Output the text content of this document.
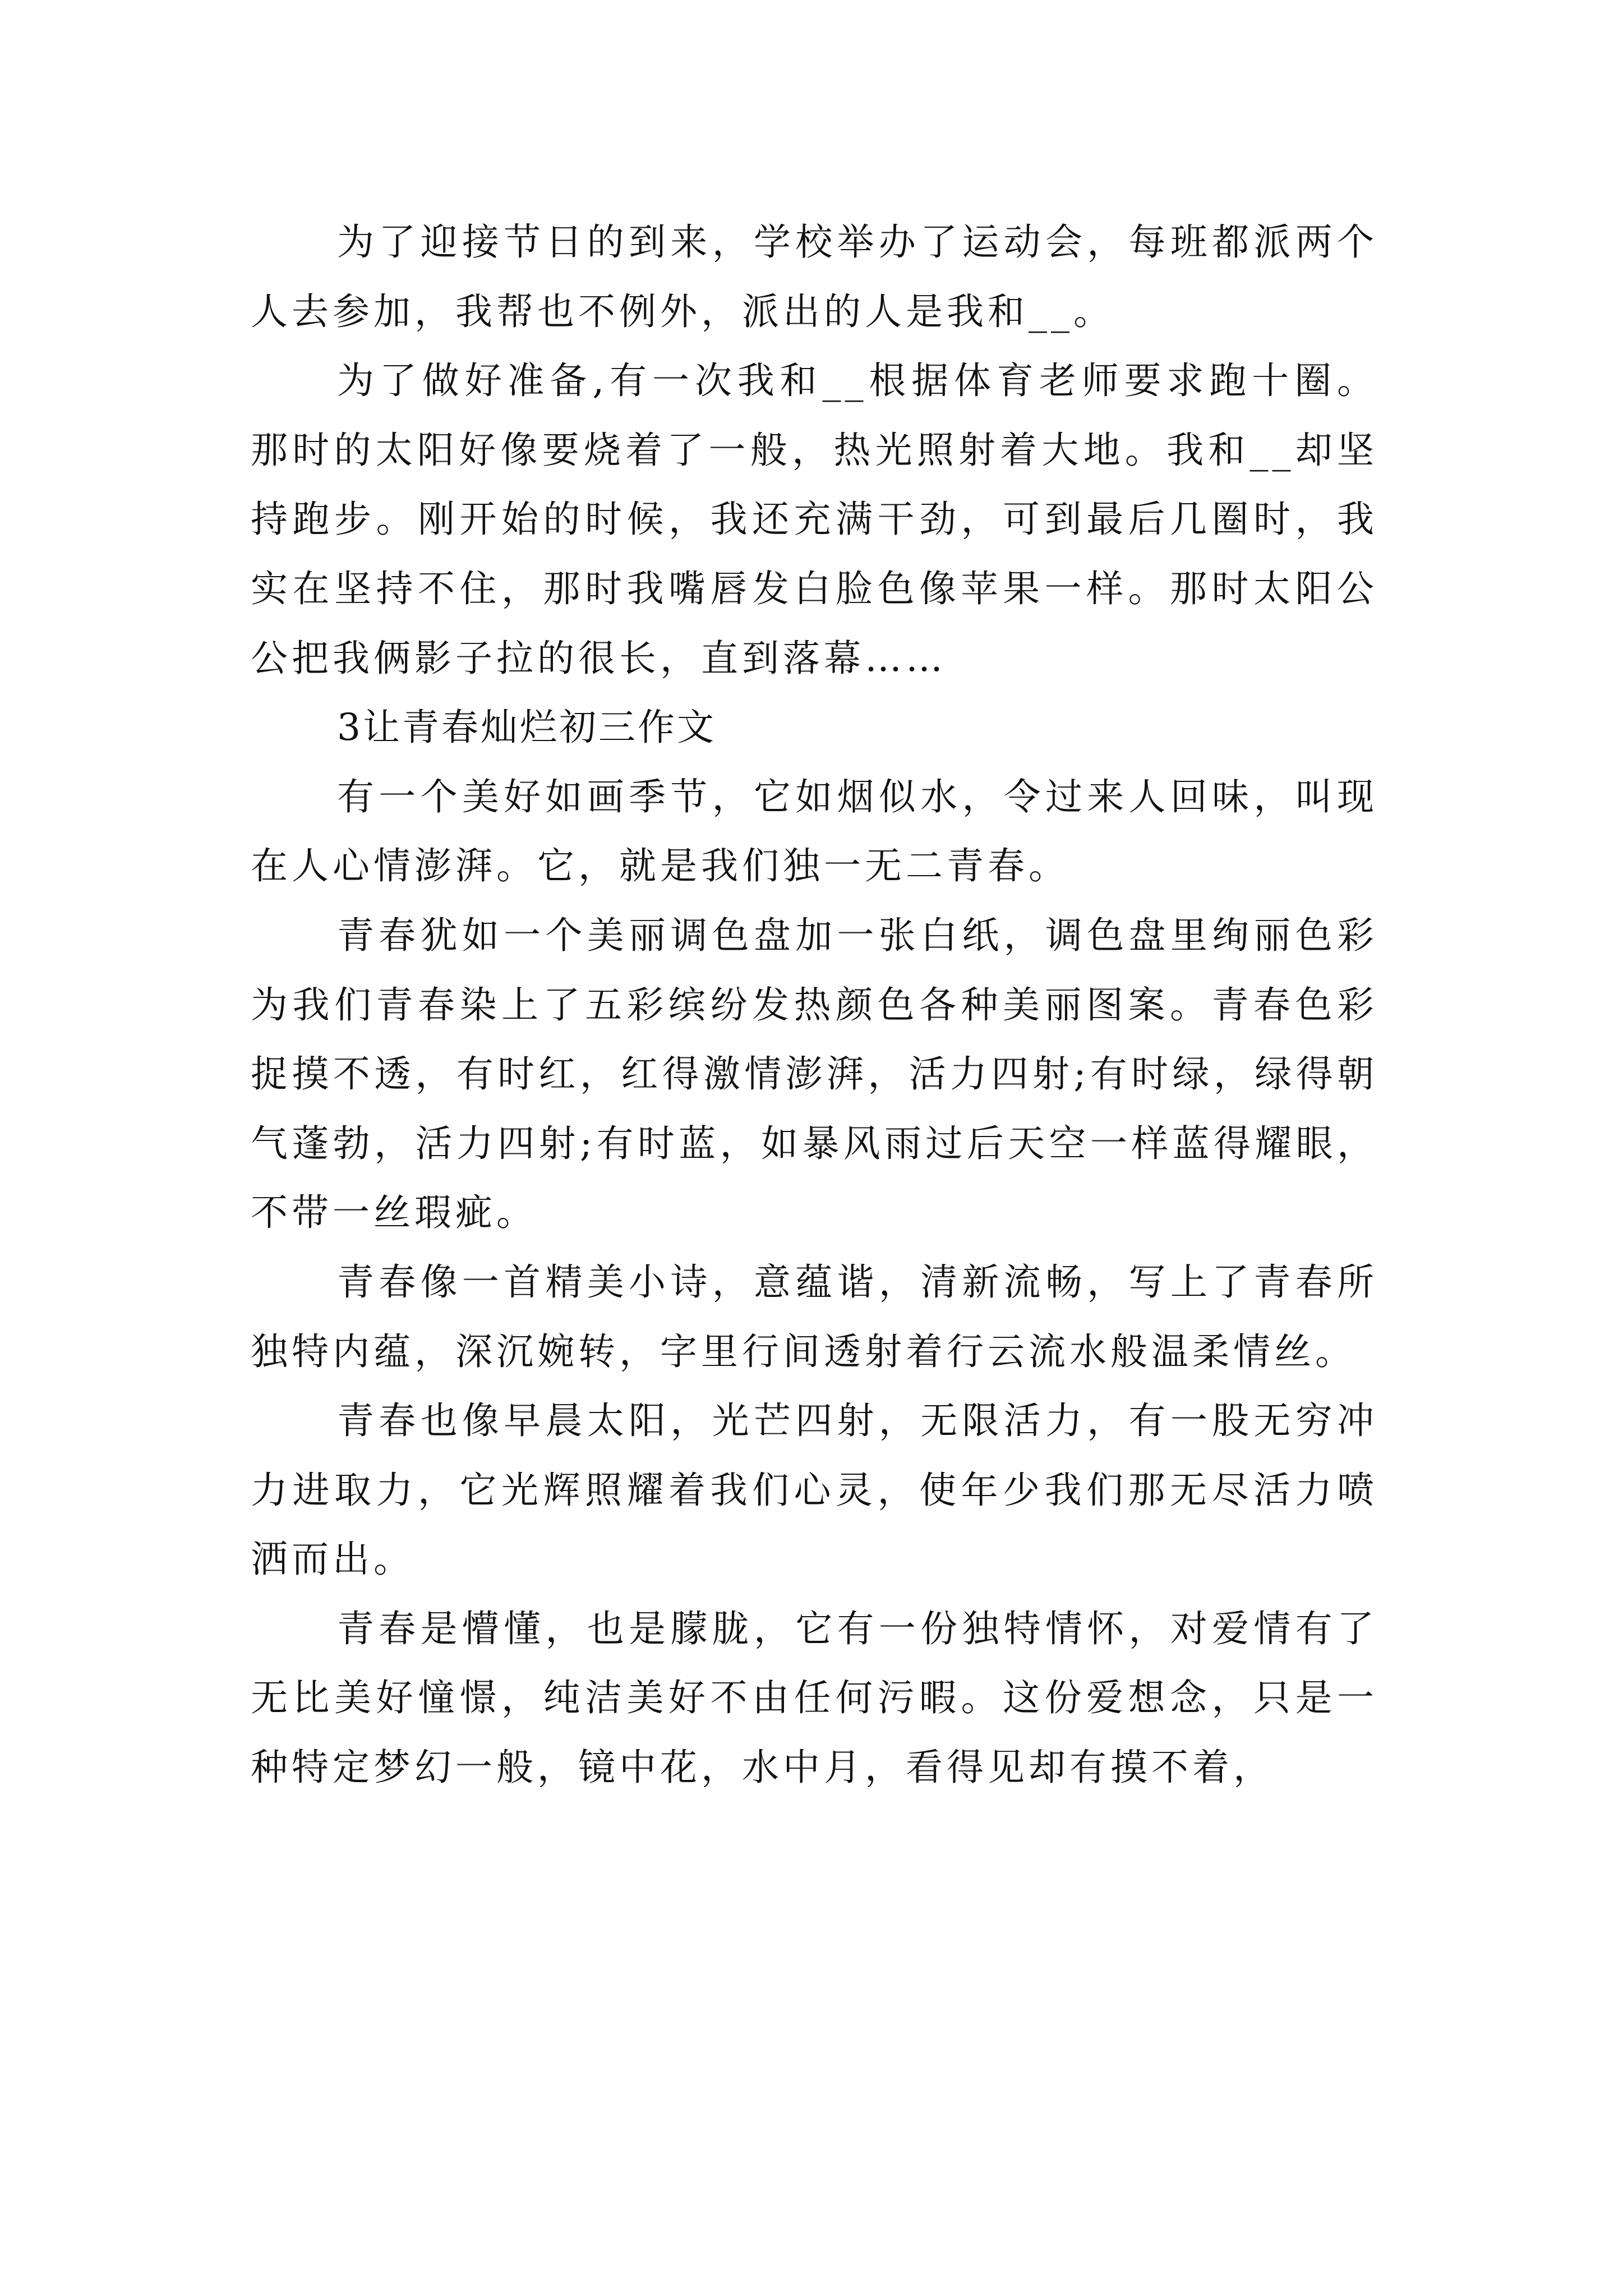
为了迎接节日的到来，学校举办了运动会，每班都派两个人去参加，我帮也不例外，派出的人是我和__。

为了做好准备,有一次我和__根据体育老师要求跑十圈。那时的太阳好像要烧着了一般，热光照射着大地。我和__却坚持跑步。刚开始的时候，我还充满干劲，可到最后几圈时，我实在坚持不住，那时我嘴唇发白脸色像苹果一样。那时太阳公公把我俩影子拉的很长，直到落幕……

3让青春灿烂初三作文

有一个美好如画季节，它如烟似水，令过来人回味，叫现在人心情澎湃。它，就是我们独一无二青春。

青春犹如一个美丽调色盘加一张白纸，调色盘里绚丽色彩为我们青春染上了五彩缤纷发热颜色各种美丽图案。青春色彩捉摸不透，有时红，红得激情澎湃，活力四射;有时绿，绿得朝气蓬勃，活力四射;有时蓝，如暴风雨过后天空一样蓝得耀眼，不带一丝瑕疵。

青春像一首精美小诗，意蕴谐，清新流畅，写上了青春所独特内蕴，深沉婉转，字里行间透射着行云流水般温柔情丝。

青春也像早晨太阳，光芒四射，无限活力，有一股无穷冲力进取力，它光辉照耀着我们心灵，使年少我们那无尽活力喷洒而出。

青春是懵懂，也是朦胧，它有一份独特情怀，对爱情有了无比美好憧憬，纯洁美好不由任何污暇。这份爱想念，只是一种特定梦幻一般，镜中花，水中月，看得见却有摸不着，
